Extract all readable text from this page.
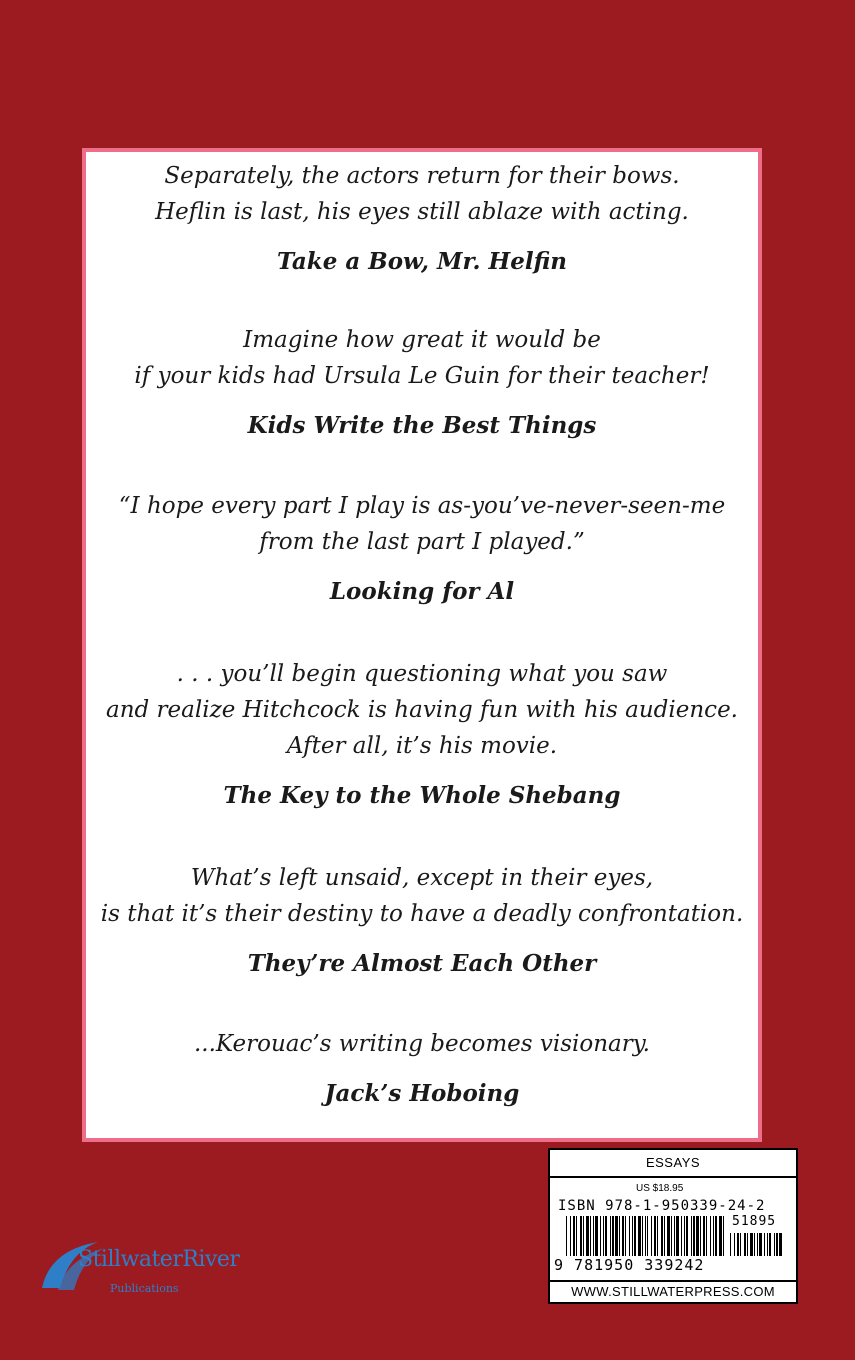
Separately, the actors return for their bows.

Heflin is last, his eyes still ablaze with acting.

Take a Bow, Mr. Helfin

Imagine how great it would be

if your kids had Ursula Le Guin for their teacher!

Kids Write the Best Things

“I hope every part I play is as-you’ve-never-seen-me

from the last part I played.”

Looking for Al

. . . you’ll begin questioning what you saw

and realize Hitchcock is having fun with his audience.

After all, it’s his movie.

The Key to the Whole Shebang

What’s left unsaid, except in their eyes,

is that it’s their destiny to have a deadly confrontation.

They’re Almost Each Other

...Kerouac’s writing becomes visionary.

Jack’s Hoboing

StillwaterRiver
Publications
ESSAYS
US $18.95
ISBN 978-1-950339-24-2
51895
9 781950 339242
WWW.STILLWATERPRESS.COM
